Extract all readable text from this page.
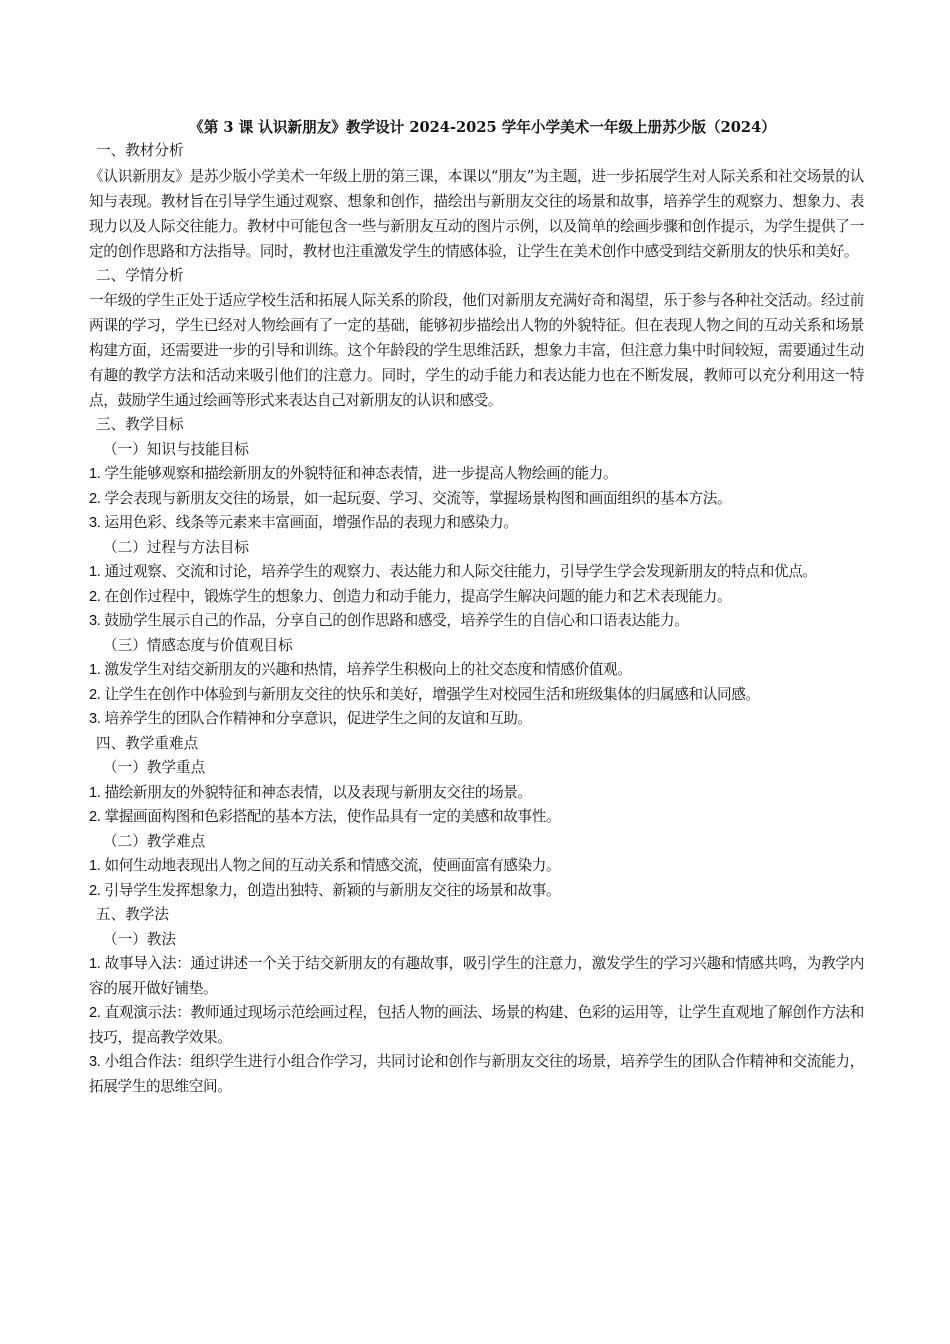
《第 3 课 认识新朋友》教学设计 2024-2025 学年小学美术一年级上册苏少版（2024）

一、教材分析

《认识新朋友》是苏少版小学美术一年级上册的第三课，本课以“朋友”为主题，进一步拓展学生对人际关系和社交场景的认知与表现。教材旨在引导学生通过观察、想象和创作，描绘出与新朋友交往的场景和故事，培养学生的观察力、想象力、表现力以及人际交往能力。教材中可能包含一些与新朋友互动的图片示例，以及简单的绘画步骤和创作提示，为学生提供了一定的创作思路和方法指导。同时，教材也注重激发学生的情感体验，让学生在美术创作中感受到结交新朋友的快乐和美好。

二、学情分析

一年级的学生正处于适应学校生活和拓展人际关系的阶段，他们对新朋友充满好奇和渴望，乐于参与各种社交活动。经过前两课的学习，学生已经对人物绘画有了一定的基础，能够初步描绘出人物的外貌特征。但在表现人物之间的互动关系和场景构建方面，还需要进一步的引导和训练。这个年龄段的学生思维活跃，想象力丰富，但注意力集中时间较短，需要通过生动有趣的教学方法和活动来吸引他们的注意力。同时，学生的动手能力和表达能力也在不断发展，教师可以充分利用这一特点，鼓励学生通过绘画等形式来表达自己对新朋友的认识和感受。

三、教学目标

（一）知识与技能目标

1. 学生能够观察和描绘新朋友的外貌特征和神态表情，进一步提高人物绘画的能力。

2. 学会表现与新朋友交往的场景，如一起玩耍、学习、交流等，掌握场景构图和画面组织的基本方法。

3. 运用色彩、线条等元素来丰富画面，增强作品的表现力和感染力。

（二）过程与方法目标

1. 通过观察、交流和讨论，培养学生的观察力、表达能力和人际交往能力，引导学生学会发现新朋友的特点和优点。

2. 在创作过程中，锻炼学生的想象力、创造力和动手能力，提高学生解决问题的能力和艺术表现能力。

3. 鼓励学生展示自己的作品，分享自己的创作思路和感受，培养学生的自信心和口语表达能力。

（三）情感态度与价值观目标

1. 激发学生对结交新朋友的兴趣和热情，培养学生积极向上的社交态度和情感价值观。

2. 让学生在创作中体验到与新朋友交往的快乐和美好，增强学生对校园生活和班级集体的归属感和认同感。

3. 培养学生的团队合作精神和分享意识，促进学生之间的友谊和互助。

四、教学重难点

（一）教学重点

1. 描绘新朋友的外貌特征和神态表情，以及表现与新朋友交往的场景。

2. 掌握画面构图和色彩搭配的基本方法，使作品具有一定的美感和故事性。

（二）教学难点

1. 如何生动地表现出人物之间的互动关系和情感交流，使画面富有感染力。

2. 引导学生发挥想象力，创造出独特、新颖的与新朋友交往的场景和故事。

五、教学法

（一）教法

1. 故事导入法：通过讲述一个关于结交新朋友的有趣故事，吸引学生的注意力，激发学生的学习兴趣和情感共鸣，为教学内容的展开做好铺垫。

2. 直观演示法：教师通过现场示范绘画过程，包括人物的画法、场景的构建、色彩的运用等，让学生直观地了解创作方法和技巧，提高教学效果。

3. 小组合作法：组织学生进行小组合作学习，共同讨论和创作与新朋友交往的场景，培养学生的团队合作精神和交流能力，拓展学生的思维空间。
